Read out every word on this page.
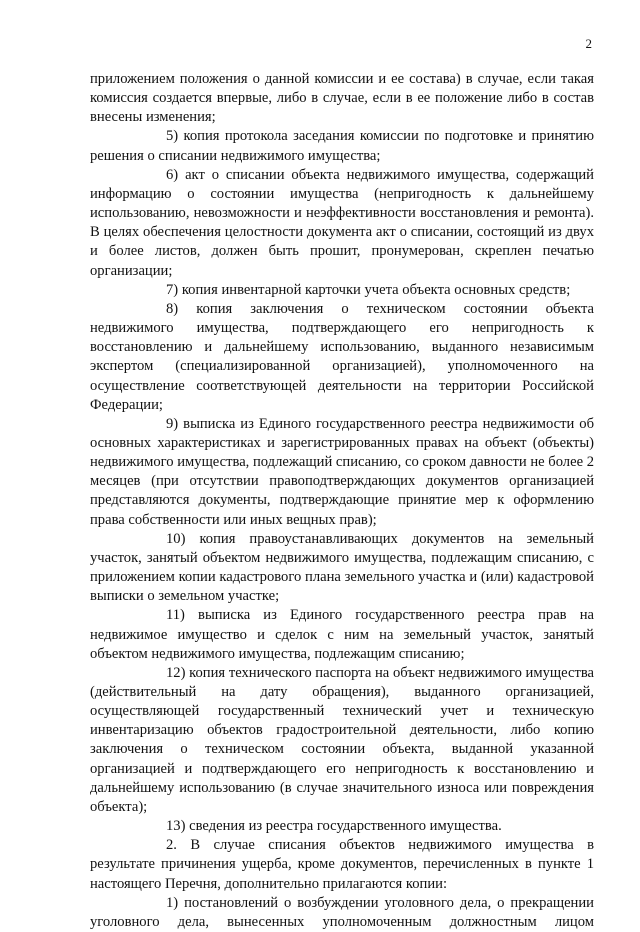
2

приложением положения о данной комиссии и ее состава) в случае, если такая комиссия создается впервые, либо в случае, если в ее положение либо в состав внесены изменения;

5) копия протокола заседания комиссии по подготовке и принятию решения о списании недвижимого имущества;

6) акт о списании объекта недвижимого имущества, содержащий информацию о состоянии имущества (непригодность к дальнейшему использованию, невозможности и неэффективности восстановления и ремонта). В целях обеспечения целостности документа акт о списании, состоящий из двух и более листов, должен быть прошит, пронумерован, скреплен печатью организации;

7) копия инвентарной карточки учета объекта основных средств;

8) копия заключения о техническом состоянии объекта недвижимого имущества, подтверждающего его непригодность к восстановлению и дальнейшему использованию, выданного независимым экспертом (специализированной организацией), уполномоченного на осуществление соответствующей деятельности на территории Российской Федерации;

9) выписка из Единого государственного реестра недвижимости об основных характеристиках и зарегистрированных правах на объект (объекты) недвижимого имущества, подлежащий списанию, со сроком давности не более 2 месяцев (при отсутствии правоподтверждающих документов организацией представляются документы, подтверждающие принятие мер к оформлению права собственности или иных вещных прав);

10) копия правоустанавливающих документов на земельный участок, занятый объектом недвижимого имущества, подлежащим списанию, с приложением копии кадастрового плана земельного участка и (или) кадастровой выписки о земельном участке;

11) выписка из Единого государственного реестра прав на недвижимое имущество и сделок с ним на земельный участок, занятый объектом недвижимого имущества, подлежащим списанию;

12) копия технического паспорта на объект недвижимого имущества (действительный на дату обращения), выданного организацией, осуществляющей государственный технический учет и техническую инвентаризацию объектов градостроительной деятельности, либо копию заключения о техническом состоянии объекта, выданной указанной организацией и подтверждающего его непригодность к восстановлению и дальнейшему использованию (в случае значительного износа или повреждения объекта);

13) сведения из реестра государственного имущества.

2. В случае списания объектов недвижимого имущества в результате причинения ущерба, кроме документов, перечисленных в пункте 1 настоящего Перечня, дополнительно прилагаются копии:

1) постановлений о возбуждении уголовного дела, о прекращении уголовного дела, вынесенных уполномоченным должностным лицом
